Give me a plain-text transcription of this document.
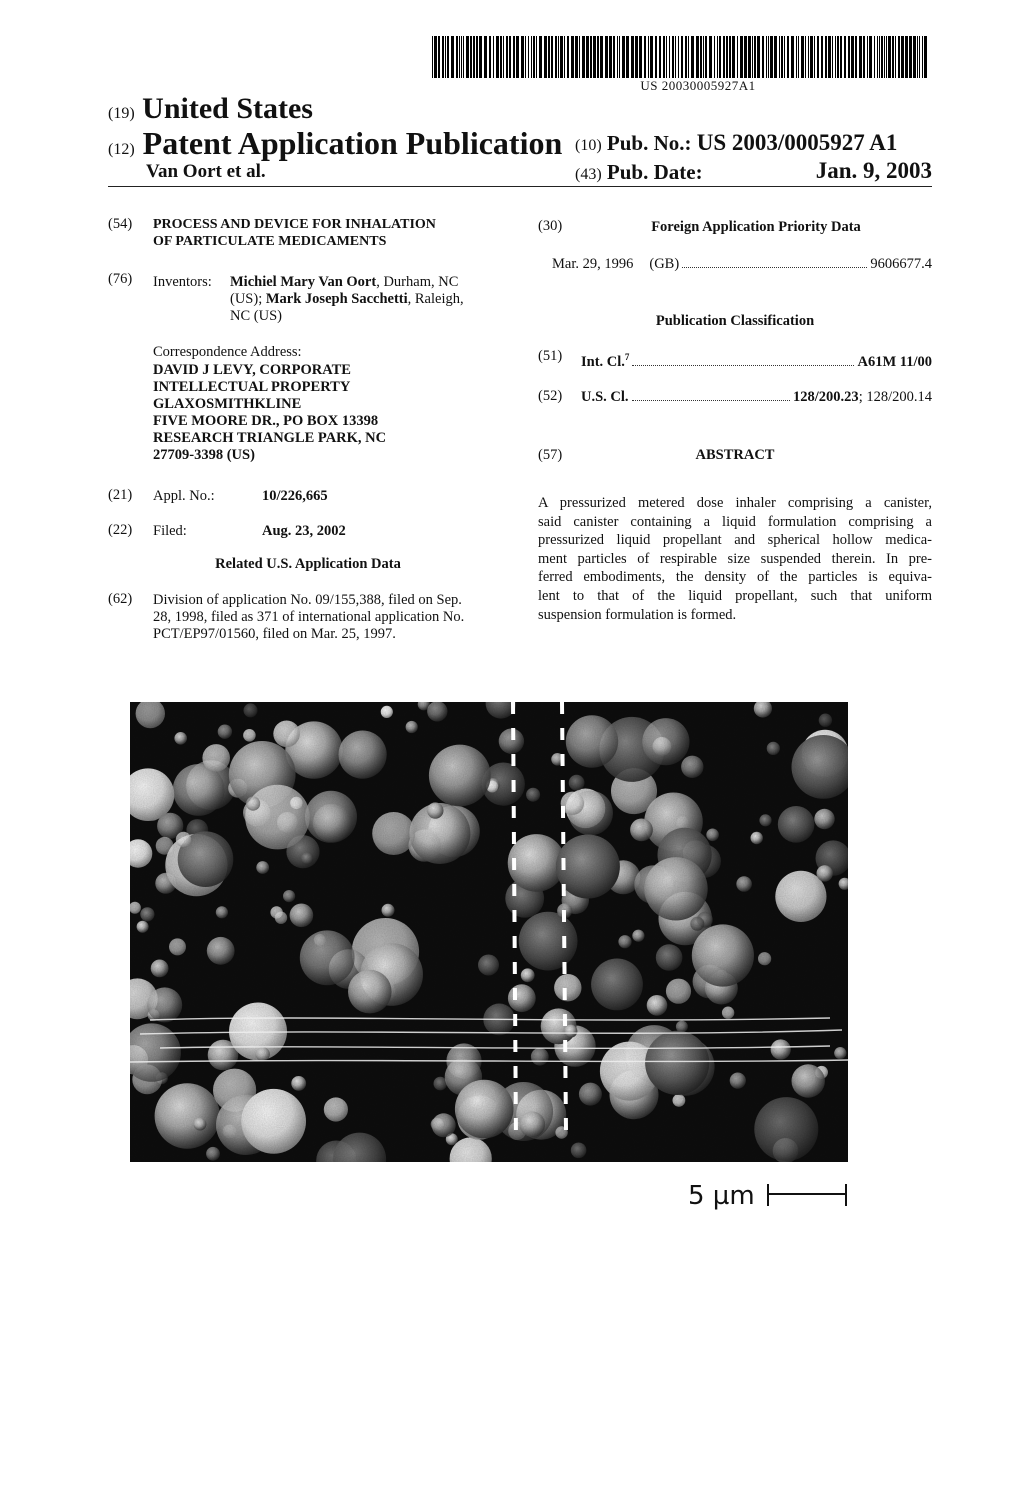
US 20030005927A1
(19) United States
(12) Patent Application Publication
Van Oort et al.
(10) Pub. No.: US 2003/0005927 A1
(43) Pub. Date:	Jan. 9, 2003
(54) PROCESS AND DEVICE FOR INHALATION
OF PARTICULATE MEDICAMENTS
(76) Inventors: Michiel Mary Van Oort, Durham, NC
(US); Mark Joseph Sacchetti, Raleigh,
NC (US)
Correspondence Address:
DAVID J LEVY, CORPORATE
INTELLECTUAL PROPERTY
GLAXOSMITHKLINE
FIVE MOORE DR., PO BOX 13398
RESEARCH TRIANGLE PARK, NC
27709-3398 (US)
(21) Appl. No.:	10/226,665
(22) Filed:	Aug. 23, 2002
Related U.S. Application Data
(62) Division of application No. 09/155,388, filed on Sep.
28, 1998, filed as 371 of international application No.
PCT/EP97/01560, filed on Mar. 25, 1997.
(30)	Foreign Application Priority Data
Mar. 29, 1996 (GB)	9606677.4
Publication Classification
(51) Int. Cl.$^7$	A61M 11/00
(52) U.S. Cl.	128/200.23; 128/200.14
(57)	ABSTRACT
A pressurized metered dose inhaler comprising a canister,
said canister containing a liquid formulation comprising a
pressurized liquid propellant and spherical hollow medica-
ment particles of respirable size suspended therein. In pre-
ferred embodiments, the density of the particles is equiva-
lent to that of the liquid propellant, such that uniform
suspension formulation is formed.
5 µm
